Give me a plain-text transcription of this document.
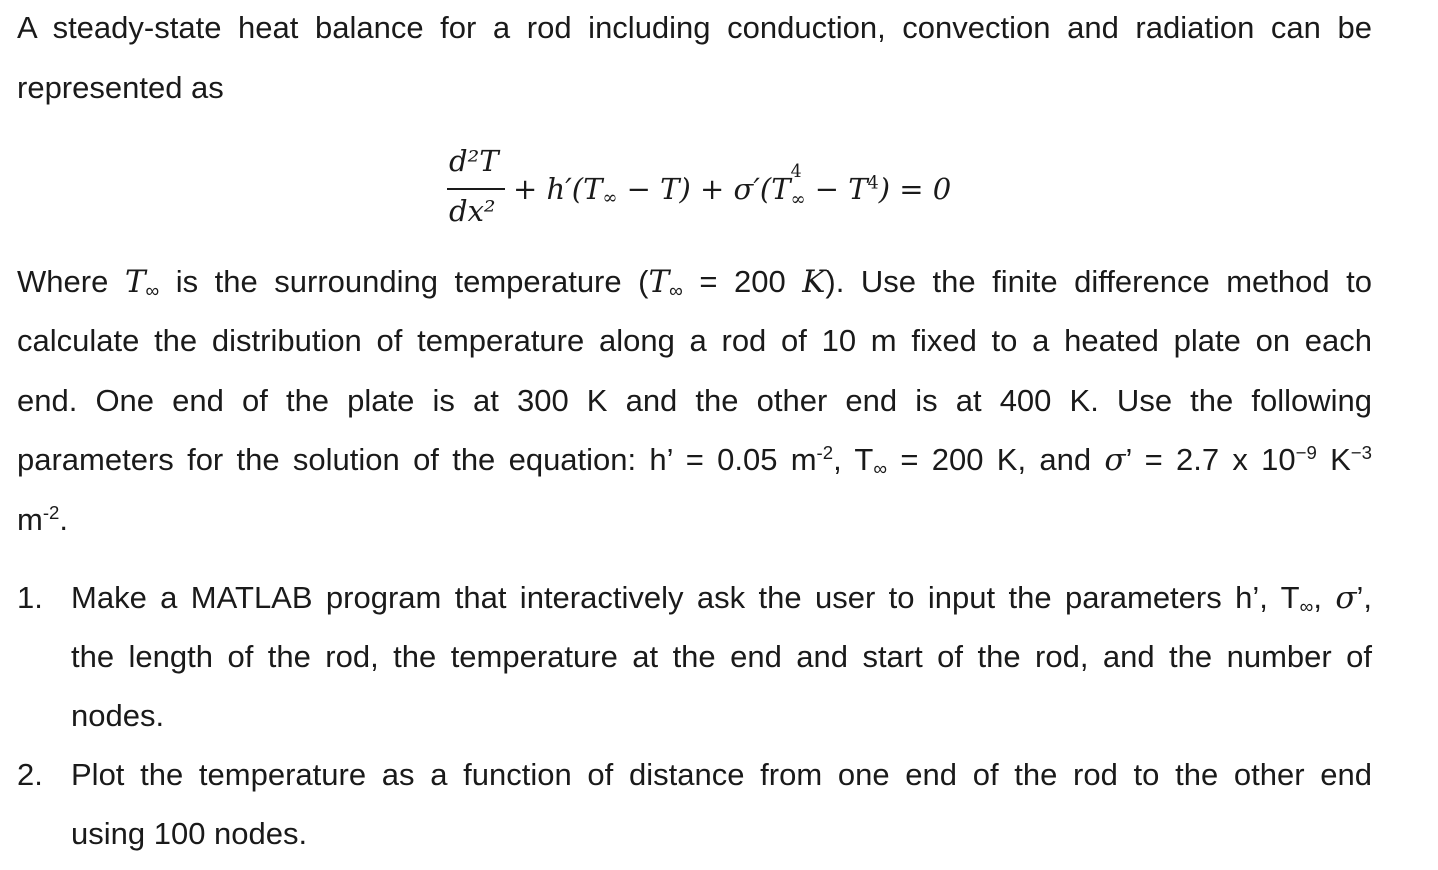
A steady-state heat balance for a rod including conduction, convection and radiation can be
represented as
d²T
dx²
+ $h'(T_\infty - T) + \sigma'(T$ 4
$_\infty - T^4) = 0$
Where $T_\infty$ is the surrounding temperature ($T_\infty = 200$ K). Use the finite difference method to
calculate the distribution of temperature along a rod of 10 m fixed to a heated plate on each
end. One end of the plate is at 300 K and the other end is at 400 K. Use the following
parameters for the solution of the equation: h’ = 0.05 $m^{-2}$, $T_\infty = 200$ K, and σ’ = 2.7 x $10^{-9}$ $K^{-3}$
$m^{-2}$.
1. Make a MATLAB program that interactively ask the user to input the parameters h’, $T_\infty$, σ’,
the length of the rod, the temperature at the end and start of the rod, and the number of
nodes.
2. Plot the temperature as a function of distance from one end of the rod to the other end
using 100 nodes.
